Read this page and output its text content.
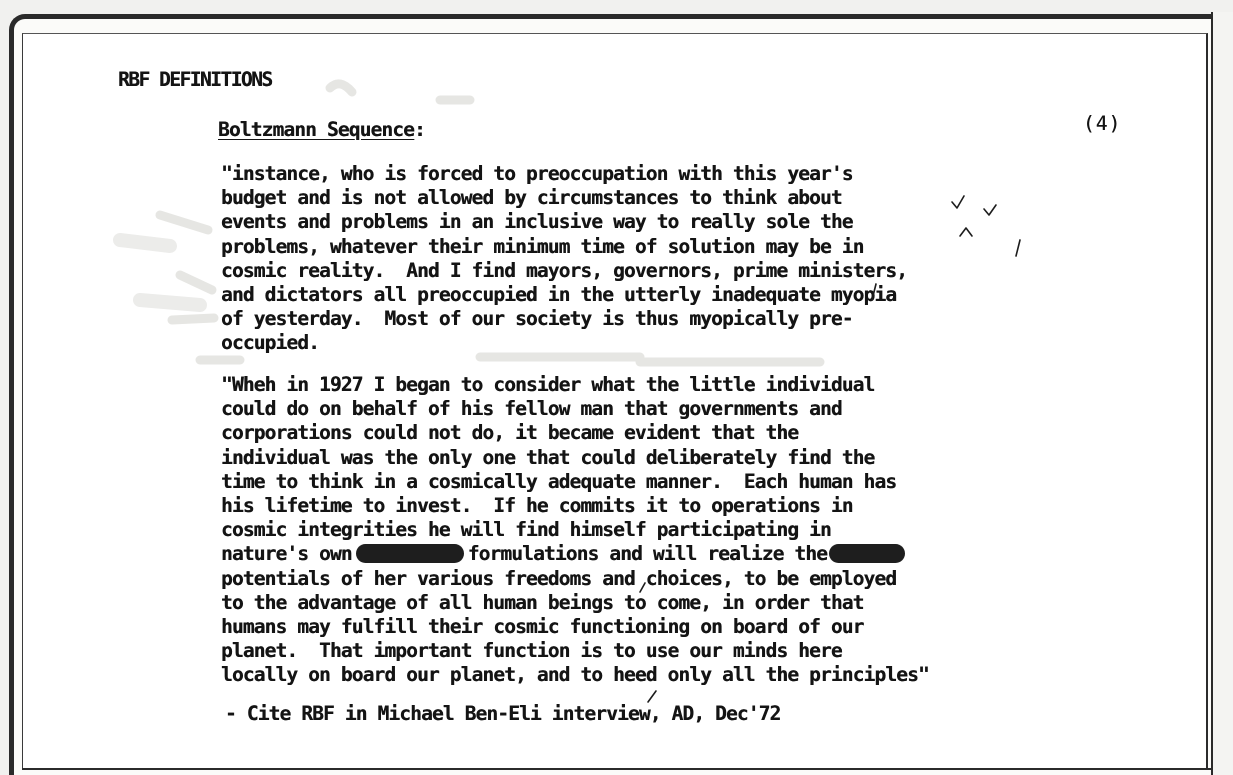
RBF DEFINITIONS
Boltzmann Sequence:	(4)
"instance, who is forced to preoccupation with this year's
budget and is not allowed by circumstances to think about
events and problems in an inclusive way to really sole the
problems, whatever their minimum time of solution may be in
cosmic reality.  And I find mayors, governors, prime ministers,
and dictators all preoccupied in the utterly inadequate myopia
of yesterday.  Most of our society is thus myopically pre-
occupied.
"Wheh in 1927 I began to consider what the little individual
could do on behalf of his fellow man that governments and
corporations could not do, it became evident that the
individual was the only one that could deliberately find the
time to think in a cosmically adequate manner.  Each human has
his lifetime to invest.  If he commits it to operations in
cosmic integrities he will find himself participating in
nature's own	formulations and will realize the
potentials of her various freedoms and choices, to be employed
to the advantage of all human beings to come, in order that
humans may fulfill their cosmic functioning on board of our
planet.  That important function is to use our minds here
locally on board our planet, and to heed only all the principles"
- Cite RBF in Michael Ben-Eli interview, AD, Dec'72
